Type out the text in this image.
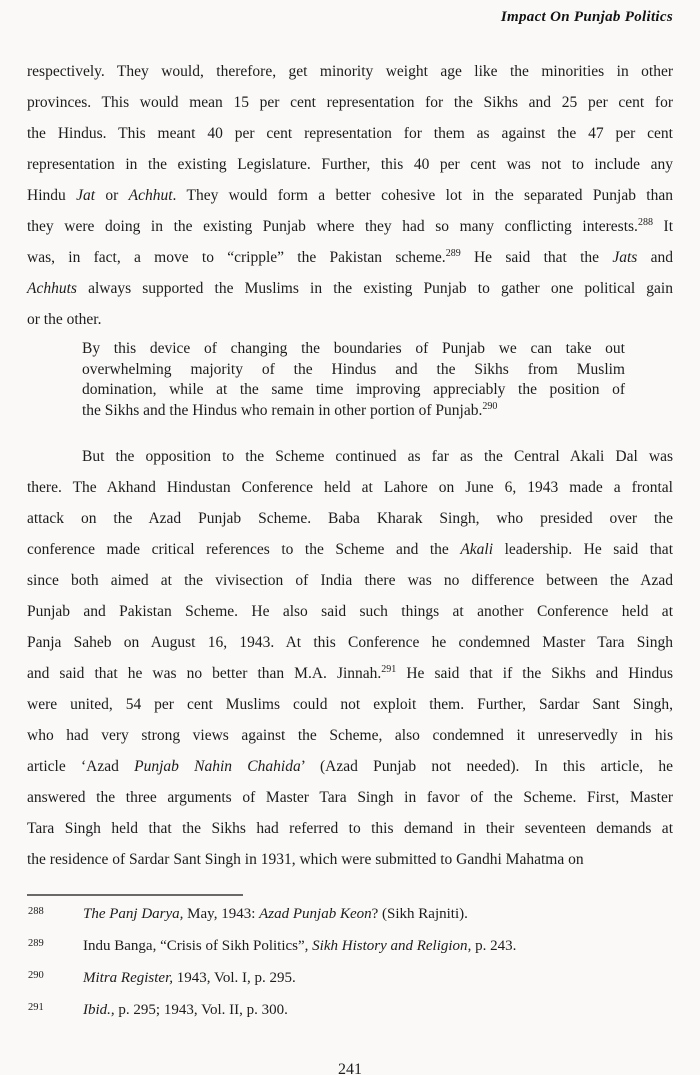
Impact On Punjab Politics
respectively. They would, therefore, get minority weight age like the minorities in other
provinces. This would mean 15 per cent representation for the Sikhs and 25 per cent for
the Hindus. This meant 40 per cent representation for them as against the 47 per cent
representation in the existing Legislature. Further, this 40 per cent was not to include any
Hindu Jat or Achhut. They would form a better cohesive lot in the separated Punjab than
they were doing in the existing Punjab where they had so many conflicting interests.$^{288}$ It
was, in fact, a move to “cripple” the Pakistan scheme.$^{289}$ He said that the Jats and
Achhuts always supported the Muslims in the existing Punjab to gather one political gain
or the other.
By this device of changing the boundaries of Punjab we can take out
overwhelming majority of the Hindus and the Sikhs from Muslim
domination, while at the same time improving appreciably the position of
the Sikhs and the Hindus who remain in other portion of Punjab.$^{290}$
But the opposition to the Scheme continued as far as the Central Akali Dal was
there. The Akhand Hindustan Conference held at Lahore on June 6, 1943 made a frontal
attack on the Azad Punjab Scheme. Baba Kharak Singh, who presided over the
conference made critical references to the Scheme and the Akali leadership. He said that
since both aimed at the vivisection of India there was no difference between the Azad
Punjab and Pakistan Scheme. He also said such things at another Conference held at
Panja Saheb on August 16, 1943. At this Conference he condemned Master Tara Singh
and said that he was no better than M.A. Jinnah.$^{291}$ He said that if the Sikhs and Hindus
were united, 54 per cent Muslims could not exploit them. Further, Sardar Sant Singh,
who had very strong views against the Scheme, also condemned it unreservedly in his
article ‘Azad Punjab Nahin Chahida’ (Azad Punjab not needed). In this article, he
answered the three arguments of Master Tara Singh in favor of the Scheme. First, Master
Tara Singh held that the Sikhs had referred to this demand in their seventeen demands at
the residence of Sardar Sant Singh in 1931, which were submitted to Gandhi Mahatma on
288	The Panj Darya, May, 1943: Azad Punjab Keon? (Sikh Rajniti).
289	Indu Banga, “Crisis of Sikh Politics”, Sikh History and Religion, p. 243.
290	Mitra Register, 1943, Vol. I, p. 295.
291	Ibid., p. 295; 1943, Vol. II, p. 300.
241
